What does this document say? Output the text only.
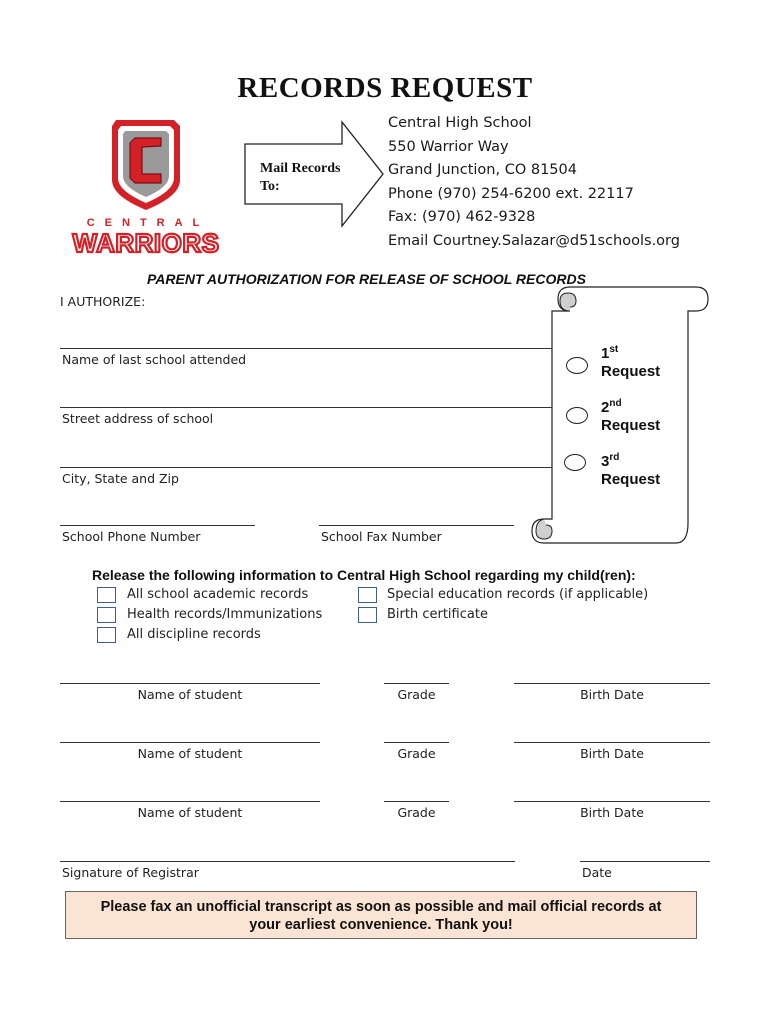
RECORDS REQUEST
CENTRAL
WARRIORS
Mail Records
To:
Central High School
550 Warrior Way
Grand Junction, CO 81504
Phone (970) 254-6200 ext. 22117
Fax: (970) 462-9328
Email Courtney.Salazar@d51schools.org
PARENT AUTHORIZATION FOR RELEASE OF SCHOOL RECORDS
I AUTHORIZE:
Name of last school attended
Street address of school
City, State and Zip
School Phone Number	School Fax Number
1st
Request
2nd
Request
3rd
Request
Release the following information to Central High School regarding my child(ren):
All school academic records
Health records/Immunizations
All discipline records
Special education records (if applicable)
Birth certificate
Name of student	Grade	Birth Date
Name of student	Grade	Birth Date
Name of student	Grade	Birth Date
Signature of Registrar	Date
Please fax an unofficial transcript as soon as possible and mail official records at
your earliest convenience. Thank you!
